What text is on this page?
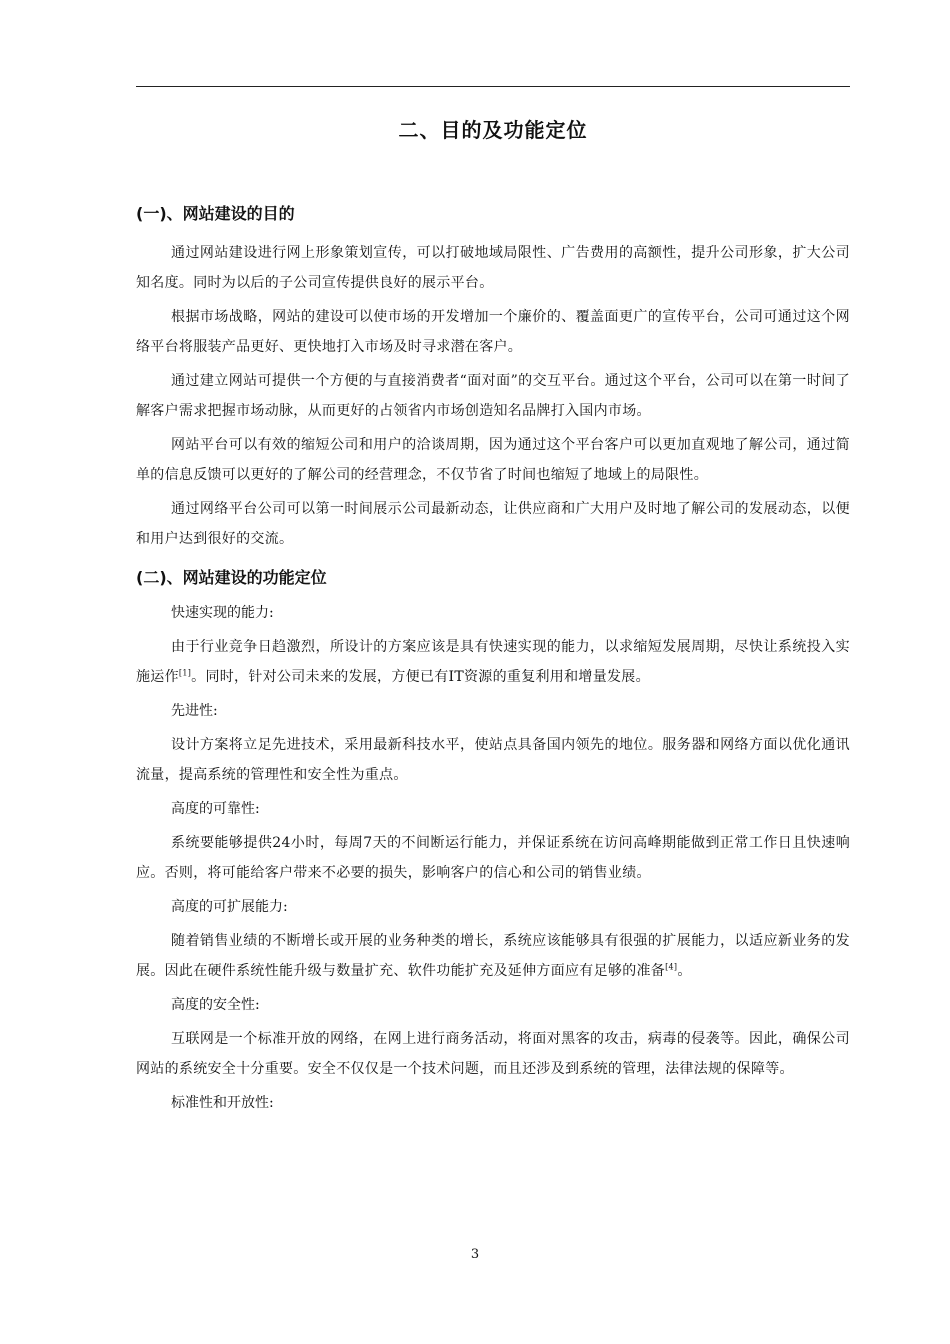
二、目的及功能定位
(一)、网站建设的目的

通过网站建设进行网上形象策划宣传，可以打破地域局限性、广告费用的高额性，提升公司形象，扩大公司知名度。同时为以后的子公司宣传提供良好的展示平台。

根据市场战略，网站的建设可以使市场的开发增加一个廉价的、覆盖面更广的宣传平台，公司可通过这个网络平台将服装产品更好、更快地打入市场及时寻求潜在客户。

通过建立网站可提供一个方便的与直接消费者“面对面”的交互平台。通过这个平台，公司可以在第一时间了解客户需求把握市场动脉，从而更好的占领省内市场创造知名品牌打入国内市场。

网站平台可以有效的缩短公司和用户的洽谈周期，因为通过这个平台客户可以更加直观地了解公司，通过简单的信息反馈可以更好的了解公司的经营理念，不仅节省了时间也缩短了地域上的局限性。

通过网络平台公司可以第一时间展示公司最新动态，让供应商和广大用户及时地了解公司的发展动态，以便和用户达到很好的交流。

(二)、网站建设的功能定位

快速实现的能力:

由于行业竞争日趋激烈，所设计的方案应该是具有快速实现的能力，以求缩短发展周期，尽快让系统投入实施运作[1]。同时，针对公司未来的发展，方便已有IT资源的重复利用和增量发展。

先进性:

设计方案将立足先进技术，采用最新科技水平，使站点具备国内领先的地位。服务器和网络方面以优化通讯流量，提高系统的管理性和安全性为重点。

高度的可靠性:

系统要能够提供24小时，每周7天的不间断运行能力，并保证系统在访问高峰期能做到正常工作日且快速响应。否则，将可能给客户带来不必要的损失，影响客户的信心和公司的销售业绩。

高度的可扩展能力:

随着销售业绩的不断增长或开展的业务种类的增长，系统应该能够具有很强的扩展能力，以适应新业务的发展。因此在硬件系统性能升级与数量扩充、软件功能扩充及延伸方面应有足够的准备[4]。

高度的安全性:

互联网是一个标准开放的网络，在网上进行商务活动，将面对黑客的攻击，病毒的侵袭等。因此，确保公司网站的系统安全十分重要。安全不仅仅是一个技术问题，而且还涉及到系统的管理，法律法规的保障等。

标准性和开放性:

3
